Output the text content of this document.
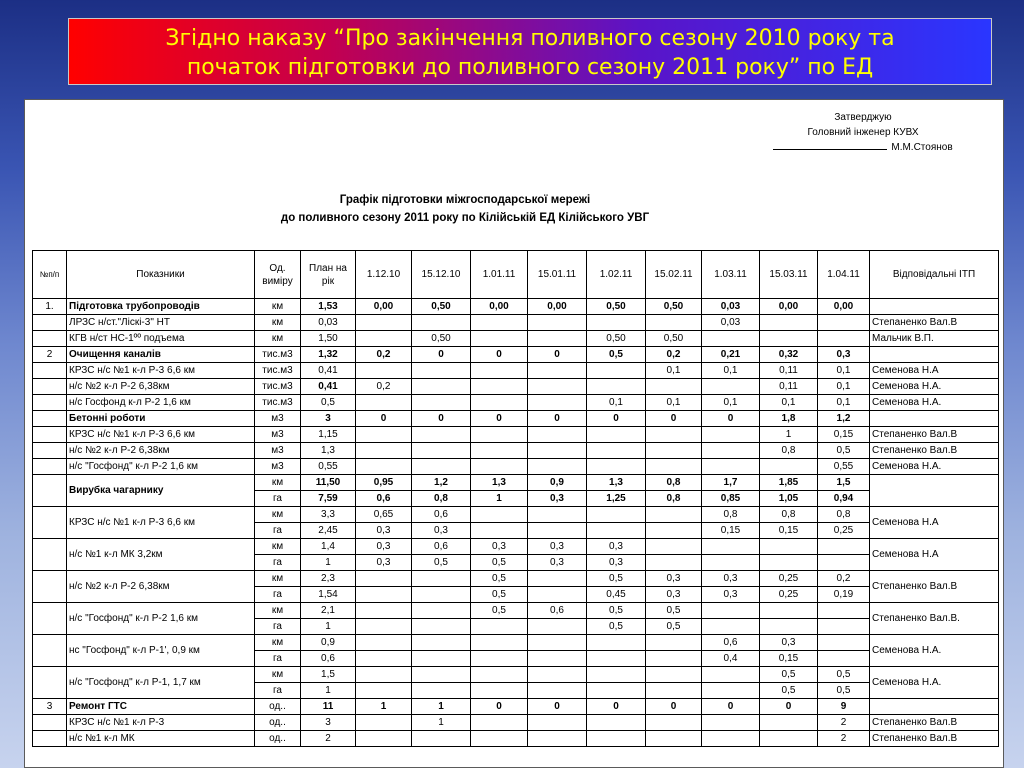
Згідно наказу “Про закінчення поливного сезону 2010 року та
початок підготовки до поливного сезону 2011 року” по ЕД
Затверджую
Головний інженер КУВХ
М.М.Стоянов
Графік підготовки міжгосподарської мережі
до поливного сезону 2011 року по Кілійській ЕД Кілійського УВГ
№п/п	Показники	Од. виміру	План на рік	1.12.10	15.12.10	1.01.11	15.01.11	1.02.11	15.02.11	1.03.11	15.03.11	1.04.11	Відповідальні ІТП
1.	Підготовка трубопроводів	км	1,53	0,00	0,50	0,00	0,00	0,50	0,50	0,03	0,00	0,00	
	ЛРЗС н/ст."Ліскі-3" НТ	км	0,03							0,03			Степаненко Вал.В
	КГВ н/ст НС-1ºº подъема	км	1,50		0,50			0,50	0,50				Мальчик В.П.
2	Очищення каналів	тис.м3	1,32	0,2	0	0	0	0,5	0,2	0,21	0,32	0,3	
	КРЗС н/с №1 к-л Р-3 6,6 км	тис.м3	0,41						0,1	0,1	0,11	0,1	Семенова Н.А
	н/с №2 к-л Р-2 6,38км	тис.м3	0,41	0,2							0,11	0,1	Семенова Н.А.
	н/с Госфонд к-л Р-2 1,6 км	тис.м3	0,5					0,1	0,1	0,1	0,1	0,1	Семенова Н.А.
	Бетонні роботи	м3	3	0	0	0	0	0	0	0	1,8	1,2	
	КРЗС н/с №1 к-л Р-3 6,6 км	м3	1,15								1	0,15	Степаненко Вал.В
	н/с №2 к-л Р-2 6,38км	м3	1,3								0,8	0,5	Степаненко Вал.В
	н/с "Госфонд" к-л Р-2 1,6 км	м3	0,55									0,55	Семенова Н.А.
	Вирубка чагарнику	км	11,50	0,95	1,2	1,3	0,9	1,3	0,8	1,7	1,85	1,5	
		га	7,59	0,6	0,8	1	0,3	1,25	0,8	0,85	1,05	0,94	
	КРЗС н/с №1 к-л Р-3 6,6 км	км	3,3	0,65	0,6					0,8	0,8	0,8	Семенова Н.А
		га	2,45	0,3	0,3					0,15	0,15	0,25	
	н/с №1 к-л МК 3,2км	км	1,4	0,3	0,6	0,3	0,3	0,3					Семенова Н.А
		га	1	0,3	0,5	0,5	0,3	0,3					
	н/с №2 к-л Р-2 6,38км	км	2,3			0,5		0,5	0,3	0,3	0,25	0,2	Степаненко Вал.В
		га	1,54			0,5		0,45	0,3	0,3	0,25	0,19	
	н/с "Госфонд" к-л Р-2 1,6 км	км	2,1			0,5	0,6	0,5	0,5				Степаненко Вал.В.
		га	1					0,5	0,5				
	нс "Госфонд" к-л Р-1', 0,9 км	км	0,9							0,6	0,3		Семенова Н.А.
		га	0,6							0,4	0,15		
	н/с "Госфонд" к-л Р-1, 1,7 км	км	1,5								0,5	0,5	Семенова Н.А.
		га	1								0,5	0,5	
3	Ремонт ГТС	од..	11	1	1	0	0	0	0	0	0	9	
	КРЗС н/с №1 к-л Р-3	од..	3		1							2	Степаненко Вал.В
	н/с №1 к-л МК	од..	2									2	Степаненко Вал.В
